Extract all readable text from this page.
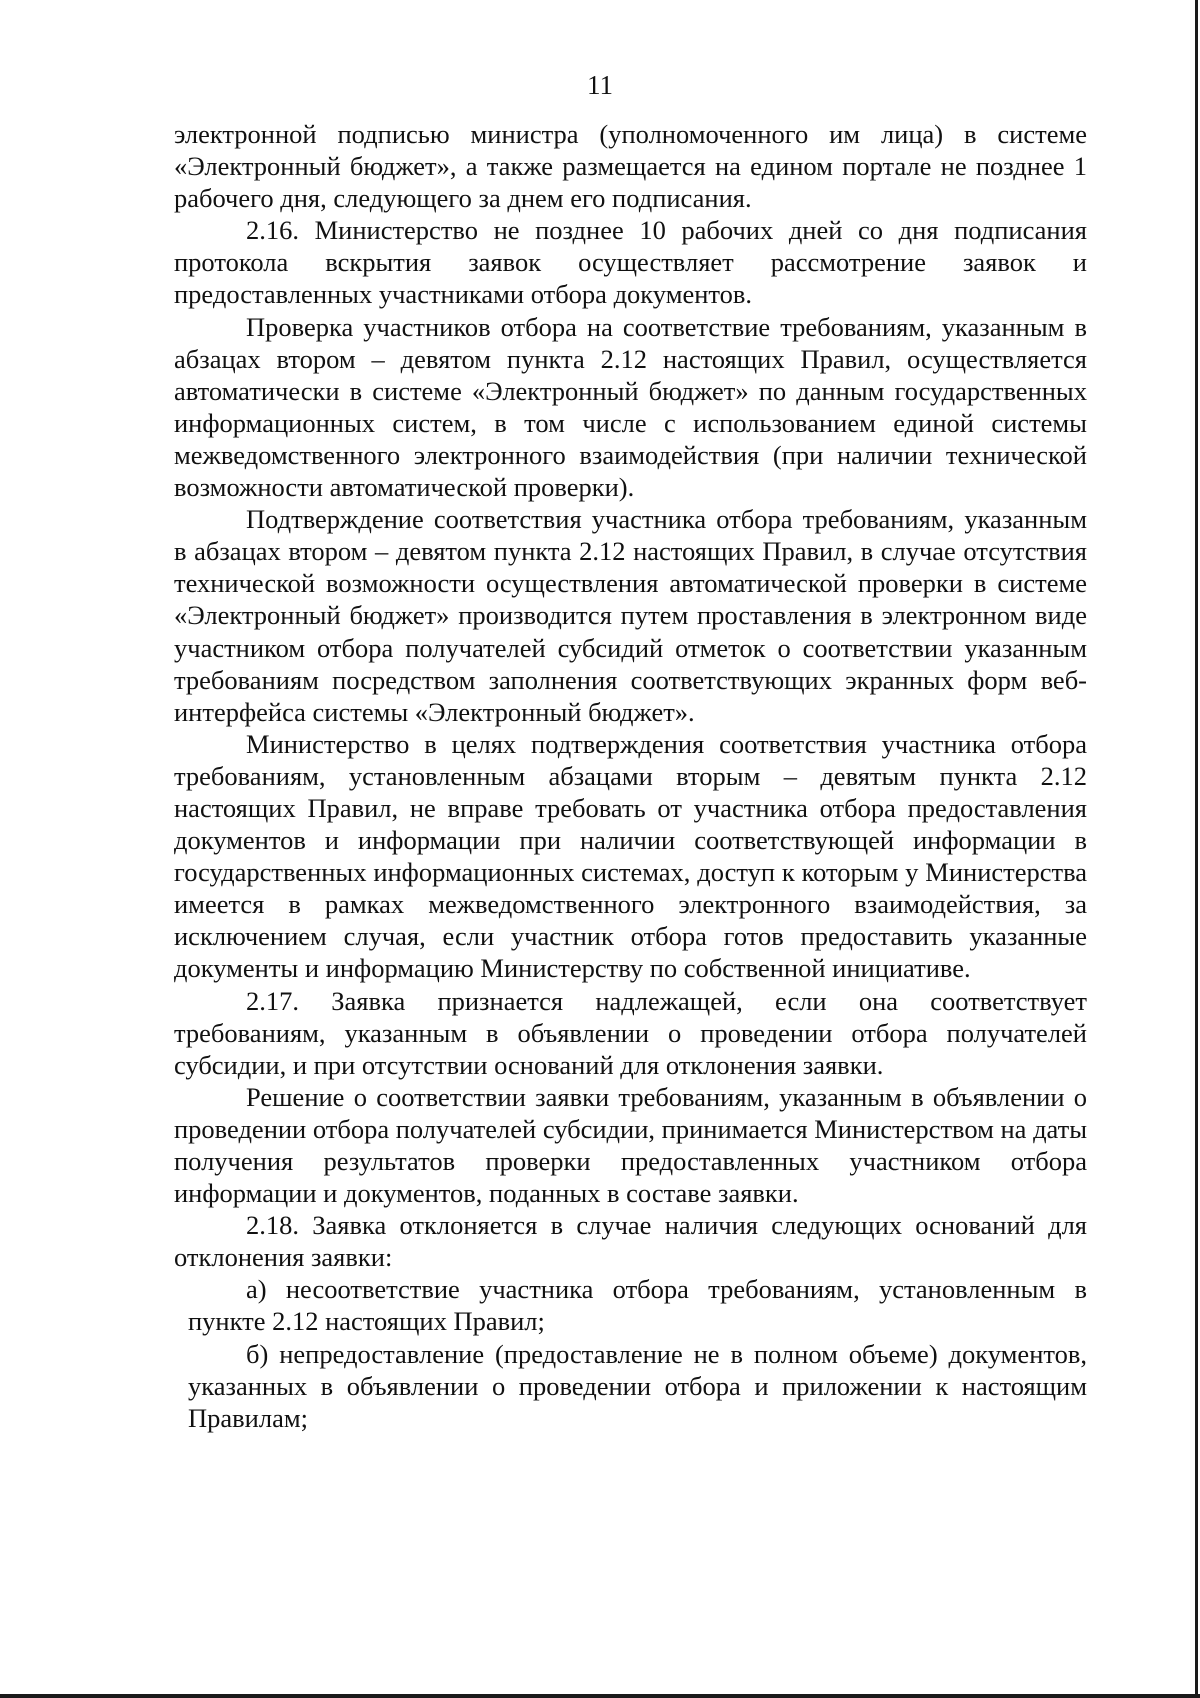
11

электронной подписью министра (уполномоченного им лица) в системе «Электронный бюджет», а также размещается на едином портале не позднее 1 рабочего дня, следующего за днем его подписания.

2.16. Министерство не позднее 10 рабочих дней со дня подписания протокола вскрытия заявок осуществляет рассмотрение заявок и предоставленных участниками отбора документов.

Проверка участников отбора на соответствие требованиям, указанным в абзацах втором – девятом пункта 2.12 настоящих Правил, осуществляется автоматически в системе «Электронный бюджет» по данным государственных информационных систем, в том числе с использованием единой системы межведомственного электронного взаимодействия (при наличии технической возможности автоматической проверки).

Подтверждение соответствия участника отбора требованиям, указанным в абзацах втором – девятом пункта 2.12 настоящих Правил, в случае отсутствия технической возможности осуществления автоматической проверки в системе «Электронный бюджет» производится путем проставления в электронном виде участником отбора получателей субсидий отметок о соответствии указанным требованиям посредством заполнения соответствующих экранных форм веб-интерфейса системы «Электронный бюджет».

Министерство в целях подтверждения соответствия участника отбора требованиям, установленным абзацами вторым – девятым пункта 2.12 настоящих Правил, не вправе требовать от участника отбора предоставления документов и информации при наличии соответствующей информации в государственных информационных системах, доступ к которым у Министерства имеется в рамках межведомственного электронного взаимодействия, за исключением случая, если участник отбора готов предоставить указанные документы и информацию Министерству по собственной инициативе.

2.17. Заявка признается надлежащей, если она соответствует требованиям, указанным в объявлении о проведении отбора получателей субсидии, и при отсутствии оснований для отклонения заявки.

Решение о соответствии заявки требованиям, указанным в объявлении о проведении отбора получателей субсидии, принимается Министерством на даты получения результатов проверки предоставленных участником отбора информации и документов, поданных в составе заявки.

2.18. Заявка отклоняется в случае наличия следующих оснований для отклонения заявки:

а) несоответствие участника отбора требованиям, установленным в пункте 2.12 настоящих Правил;

б) непредоставление (предоставление не в полном объеме) документов, указанных в объявлении о проведении отбора и приложении к настоящим Правилам;
